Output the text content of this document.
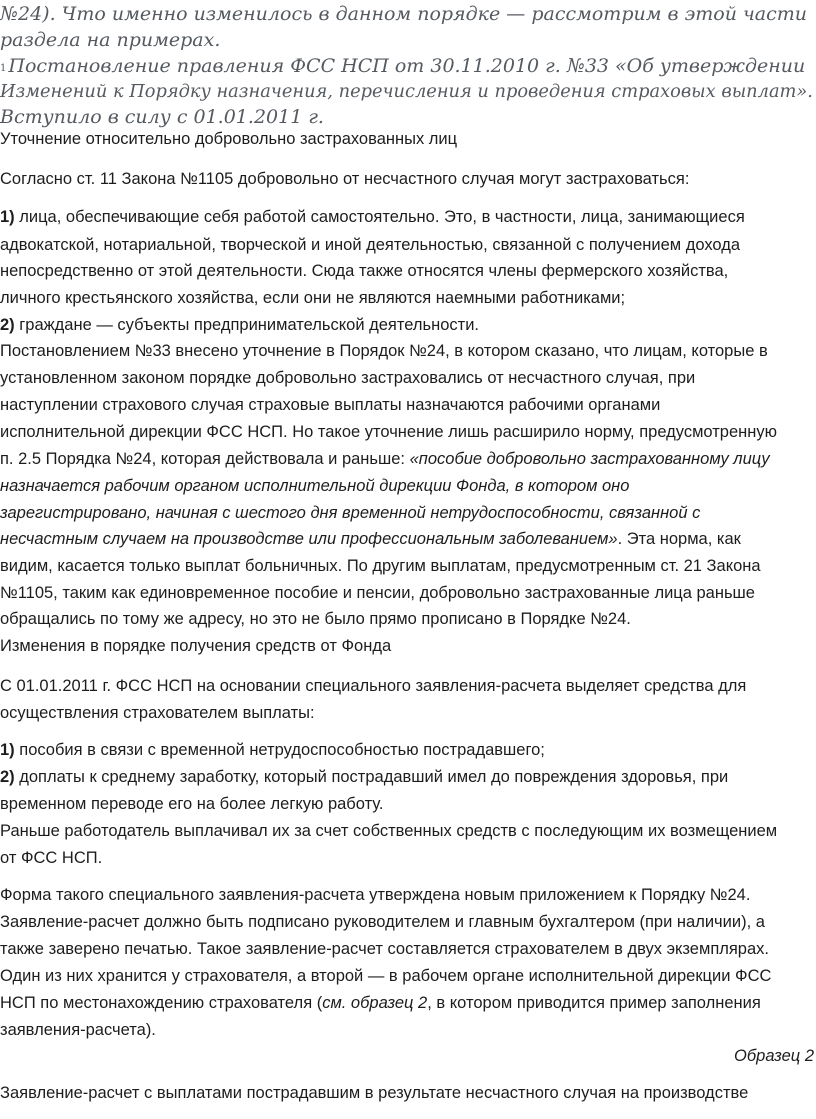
№24). Что именно изменилось в данном порядке — рассмотрим в этой части
раздела на примерах.
$^1$ Постановление правления ФСС НСП от 30.11.2010 г. №33 «Об утверждении
Изменений к Порядку назначения, перечисления и проведения страховых выплат».
Вступило в силу с 01.01.2011 г.
Уточнение относительно добровольно застрахованных лиц
Согласно ст. 11 Закона №1105 добровольно от несчастного случая могут застраховаться:
1) лица, обеспечивающие себя работой самостоятельно. Это, в частности, лица, занимающиеся
адвокатской, нотариальной, творческой и иной деятельностью, связанной с получением дохода
непосредственно от этой деятельности. Сюда также относятся члены фермерского хозяйства,
личного крестьянского хозяйства, если они не являются наемными работниками;
2) граждане — субъекты предпринимательской деятельности.
Постановлением №33 внесено уточнение в Порядок №24, в котором сказано, что лицам, которые в
установленном законом порядке добровольно застраховались от несчастного случая, при
наступлении страхового случая страховые выплаты назначаются рабочими органами
исполнительной дирекции ФСС НСП. Но такое уточнение лишь расширило норму, предусмотренную
п. 2.5 Порядка №24, которая действовала и раньше: «пособие добровольно застрахованному лицу
назначается рабочим органом исполнительной дирекции Фонда, в котором оно
зарегистрировано, начиная с шестого дня временной нетрудоспособности, связанной с
несчастным случаем на производстве или профессиональным заболеванием». Эта норма, как
видим, касается только выплат больничных. По другим выплатам, предусмотренным ст. 21 Закона
№1105, таким как единовременное пособие и пенсии, добровольно застрахованные лица раньше
обращались по тому же адресу, но это не было прямо прописано в Порядке №24.
Изменения в порядке получения средств от Фонда
С 01.01.2011 г. ФСС НСП на основании специального заявления-расчета выделяет средства для
осуществления страхователем выплаты:
1) пособия в связи с временной нетрудоспособностью пострадавшего;
2) доплаты к среднему заработку, который пострадавший имел до повреждения здоровья, при
временном переводе его на более легкую работу.
Раньше работодатель выплачивал их за счет собственных средств с последующим их возмещением
от ФСС НСП.
Форма такого специального заявления-расчета утверждена новым приложением к Порядку №24.
Заявление-расчет должно быть подписано руководителем и главным бухгалтером (при наличии), а
также заверено печатью. Такое заявление-расчет составляется страхователем в двух экземплярах.
Один из них хранится у страхователя, а второй — в рабочем органе исполнительной дирекции ФСС
НСП по местонахождению страхователя (см. образец 2, в котором приводится пример заполнения
заявления-расчета).
Образец 2
Заявление-расчет с выплатами пострадавшим в результате несчастного случая на производстве
